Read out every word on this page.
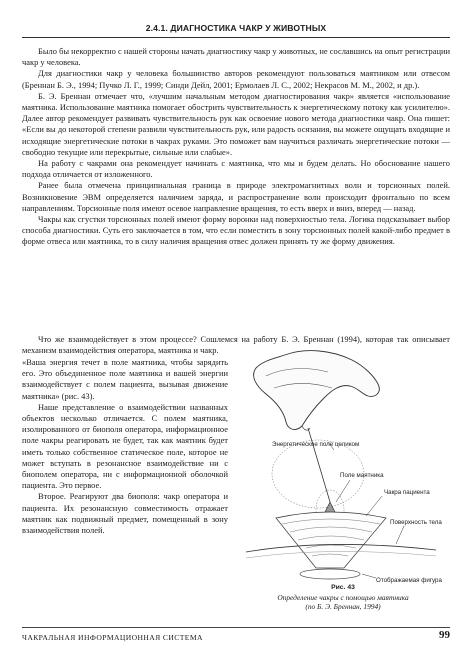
2.4.1. ДИАГНОСТИКА ЧАКР У ЖИВОТНЫХ

Было бы некорректно с нашей стороны начать диагностику чакр у животных, не сославшись на опыт регистрации чакр у человека.

Для диагностики чакр у человека большинство авторов рекомендуют пользоваться маятником или отвесом (Бреннан Б. Э., 1994; Пучко Л. Г., 1999; Синди Дейл, 2001; Ермолаев Л. С., 2002; Некрасов М. М., 2002, и др.).

Б. Э. Бреннан отмечает что, «лучшим начальным методом диагностирования чакр» является «использование маятника. Использование маятника помогает обострить чувствительность к энергетическому потоку как усилителю». Далее автор рекомендует развивать чувствительность рук как освоение нового метода диагностики чакр. Она пишет: «Если вы до некоторой степени развили чувствительность рук, или радость осязания, вы можете ощущать входящие и исходящие энергетические потоки в чакрах руками. Это поможет вам научиться различать энергетические потоки — свободно текущие или перекрытые, сильные или слабые».

На работу с чакрами она рекомендует начинать с маятника, что мы и будем делать. Но обоснование нашего подхода отличается от изложенного.

Ранее была отмечена принципиальная граница в природе электромагнитных волн и торсионных полей. Возникновение ЭВМ определяется наличием заряда, и распространение волн происходит фронтально по всем направлениям. Торсионные поля имеют осевое направление вращения, то есть вверх и вниз, вперед — назад.

Чакры как сгустки торсионных полей имеют форму воронки над поверхностью тела. Логика подсказывает выбор способа диагностики. Суть его заключается в том, что если поместить в зону торсионных полей какой-либо предмет в форме отвеса или маятника, то в силу наличия вращения отвес должен принять ту же форму движения.

Что же взаимодействует в этом процессе? Сошлемся на работу Б. Э. Бреннан (1994), которая так описывает механизм взаимодействия оператора, маятника и чакр.

«Ваша энергия течет в поле маятника, чтобы зарядить его. Это объединенное поле маятника и вашей энергии взаимодействует с полем пациента, вызывая движение маятника» (рис. 43).

Наше представление о взаимодействии названных объектов несколько отличается. С полем маятника, изолированного от биополя оператора, информационное поле чакры реагировать не будет, так как маятник будет иметь только собственное статическое поле, которое не может вступать в резонансное взаимодействие ни с биополем оператора, ни с информационной оболочкой пациента. Это первое.

Второе. Реагируют два биополя: чакр оператора и пациента. Их резонансную совместимость отражает маятник как подвижный предмет, помещенный в зону взаимодействия полей.

Энергетическое поле целиком
Поле маятника
Чакра пациента
Поверхность тела
Отображаемая фигура
Рис. 43
Определение чакры с помощью маятника
(по Б. Э. Бреннан, 1994)
ЧАКРАЛЬНАЯ ИНФОРМАЦИОННАЯ СИСТЕМА	99
